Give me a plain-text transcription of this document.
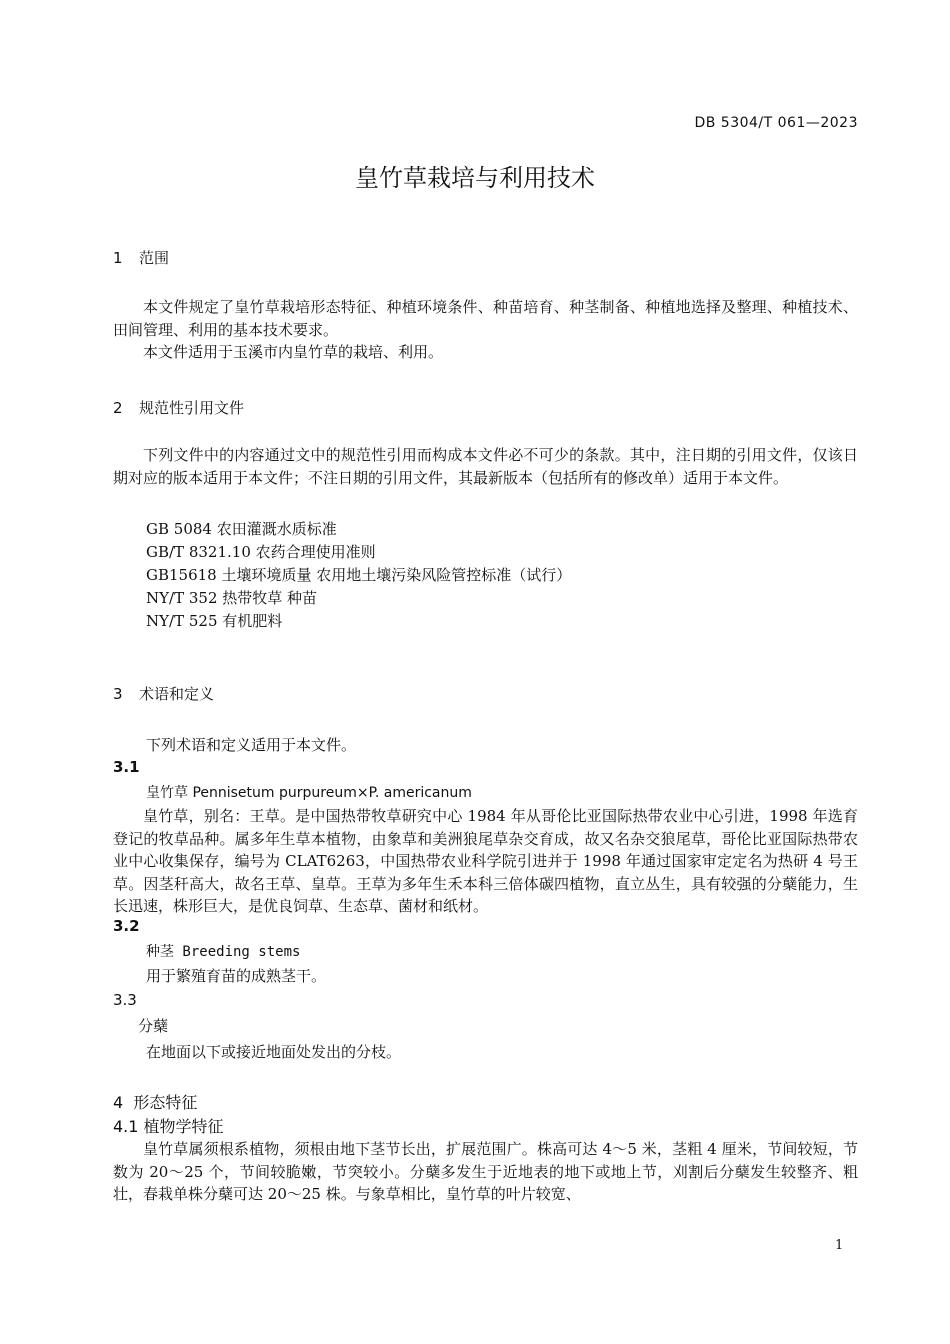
DB 5304/T 061—2023
皇竹草栽培与利用技术
1 范围

本文件规定了皇竹草栽培形态特征、种植环境条件、种苗培育、种茎制备、种植地选择及整理、种植技术、田间管理、利用的基本技术要求。

本文件适用于玉溪市内皇竹草的栽培、利用。

2 规范性引用文件

下列文件中的内容通过文中的规范性引用而构成本文件必不可少的条款。其中，注日期的引用文件，仅该日期对应的版本适用于本文件；不注日期的引用文件，其最新版本（包括所有的修改单）适用于本文件。

GB 5084 农田灌溉水质标准
GB/T 8321.10 农药合理使用准则
GB15618 土壤环境质量 农用地土壤污染风险管控标准（试行）
NY/T 352 热带牧草 种苗
NY/T 525 有机肥料
3 术语和定义
下列术语和定义适用于本文件。
3.1
皇竹草 Pennisetum purpureum×P. americanum

皇竹草，别名：王草。是中国热带牧草研究中心 1984 年从哥伦比亚国际热带农业中心引进，1998 年选育登记的牧草品种。属多年生草本植物，由象草和美洲狼尾草杂交育成，故又名杂交狼尾草，哥伦比亚国际热带农业中心收集保存，编号为 CLAT6263，中国热带农业科学院引进并于 1998 年通过国家审定定名为热研 4 号王草。因茎秆高大，故名王草、皇草。王草为多年生禾本科三倍体碳四植物，直立丛生，具有较强的分蘖能力，生长迅速，株形巨大，是优良饲草、生态草、菌材和纸材。

3.2
种茎 Breeding stems
用于繁殖育苗的成熟茎干。
3.3
分蘖
在地面以下或接近地面处发出的分枝。
4 形态特征
4.1 植物学特征

皇竹草属须根系植物，须根由地下茎节长出，扩展范围广。株高可达 4～5 米，茎粗 4 厘米，节间较短，节数为 20～25 个，节间较脆嫩，节突较小。分蘖多发生于近地表的地下或地上节，刈割后分蘖发生较整齐、粗壮，春栽单株分蘖可达 20～25 株。与象草相比，皇竹草的叶片较宽、

1
